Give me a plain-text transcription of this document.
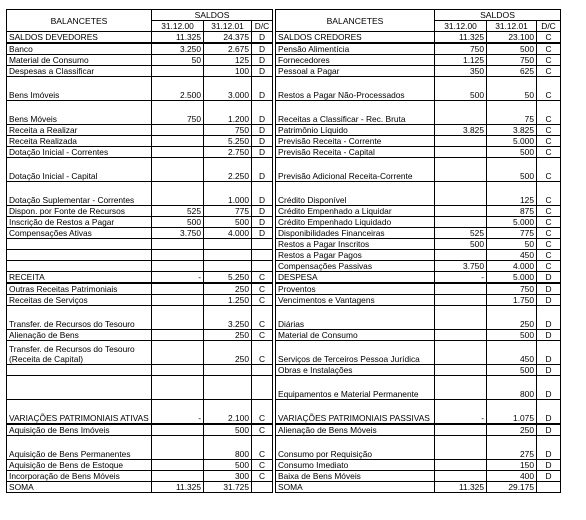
BALANCETES	SALDOS				BALANCETES	SALDOS		
	31.12.00	31.12.01	D/C			31.12.00	31.12.01	D/C
SALDOS DEVEDORES	11.325	24.375	D		SALDOS CREDORES	11.325	23.100	C
Banco	3.250	2.675	D		Pensão Alimentícia	750	500	C
Material de Consumo	50	125	D		Fornecedores	1.125	750	C
Despesas a Classificar		100	D		Pessoal a Pagar	350	625	C
Bens Imóveis	2.500	3.000	D		Restos a Pagar Não-Processados	500	50	C
Bens Móveis	750	1.200	D		Receitas a Classificar - Rec. Bruta		75	C
Receita a Realizar		750	D		Patrimônio Líquido	3.825	3.825	C
Receita Realizada		5.250	D		Previsão Receita - Corrente		5.000	C
Dotação Inicial - Correntes		2.750	D		Previsão Receita - Capital		500	C
Dotação Inicial - Capital		2.250	D		Previsão Adicional Receita-Corrente		500	C
Dotação Suplementar - Correntes		1.000	D		Crédito Disponível		125	C
Dispon. por Fonte de Recursos	525	775	D		Crédito Empenhado a Liquidar		875	C
Inscrição de Restos a Pagar	500	500	D		Crédito Empenhado Liquidado		5.000	C
Compensações Ativas	3.750	4.000	D		Disponibilidades Financeiras	525	775	C
					Restos a Pagar Inscritos	500	50	C
					Restos a Pagar Pagos		450	C
					Compensações Passivas	3.750	4.000	C
RECEITA	-	5.250	C		DESPESA	-	5.000	D
Outras Receitas Patrimoniais		250	C		Proventos		750	D
Receitas de Serviços		1.250	C		Vencimentos e Vantagens		1.750	D
Transfer. de Recursos do Tesouro		3.250	C		Diárias		250	D
Alienação de Bens		250	C		Material de Consumo		500	D
Transfer. de Recursos do Tesouro (Receita de Capital)		250	C		Serviços de Terceiros Pessoa Jurídica		450	D
					Obras e Instalações		500	D
					Equipamentos e Material Permanente		800	D
VARIAÇÕES PATRIMONIAIS ATIVAS	-	2.100	C		VARIAÇÕES PATRIMONIAIS PASSIVAS	-	1.075	D
Aquisição de Bens Imóveis		500	C		Alienação de Bens Móveis		250	D
Aquisição de Bens Permanentes		800	C		Consumo por Requisição		275	D
Aquisição de Bens de Estoque		500	C		Consumo Imediato		150	D
Incorporação de Bens Móveis		300	C		Baixa de Bens Móveis		400	D
SOMA	11.325	31.725			SOMA	11.325	29.175	
